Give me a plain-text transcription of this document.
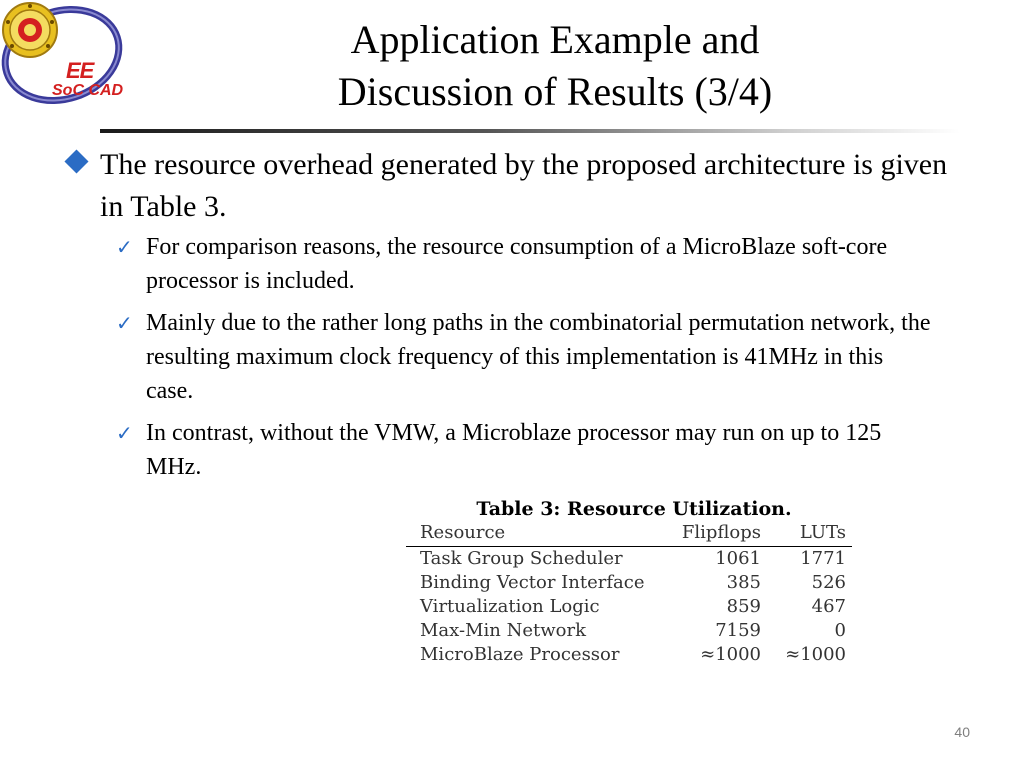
EE
SoC CAD
Application Example and
Discussion of Results (3/4)
The resource overhead generated by the proposed architecture is given in Table 3.
✓ For comparison reasons, the resource consumption of a MicroBlaze soft-core processor is included.
✓ Mainly due to the rather long paths in the combinatorial permutation network, the resulting maximum clock frequency of this implementation is 41MHz in this case.
✓ In contrast, without the VMW, a Microblaze processor may run on up to 125 MHz.
Table 3: Resource Utilization.
Resource	Flipflops	LUTs
Task Group Scheduler	1061	1771
Binding Vector Interface	385	526
Virtualization Logic	859	467
Max-Min Network	7159	0
MicroBlaze Processor	≈1000	≈1000
40
